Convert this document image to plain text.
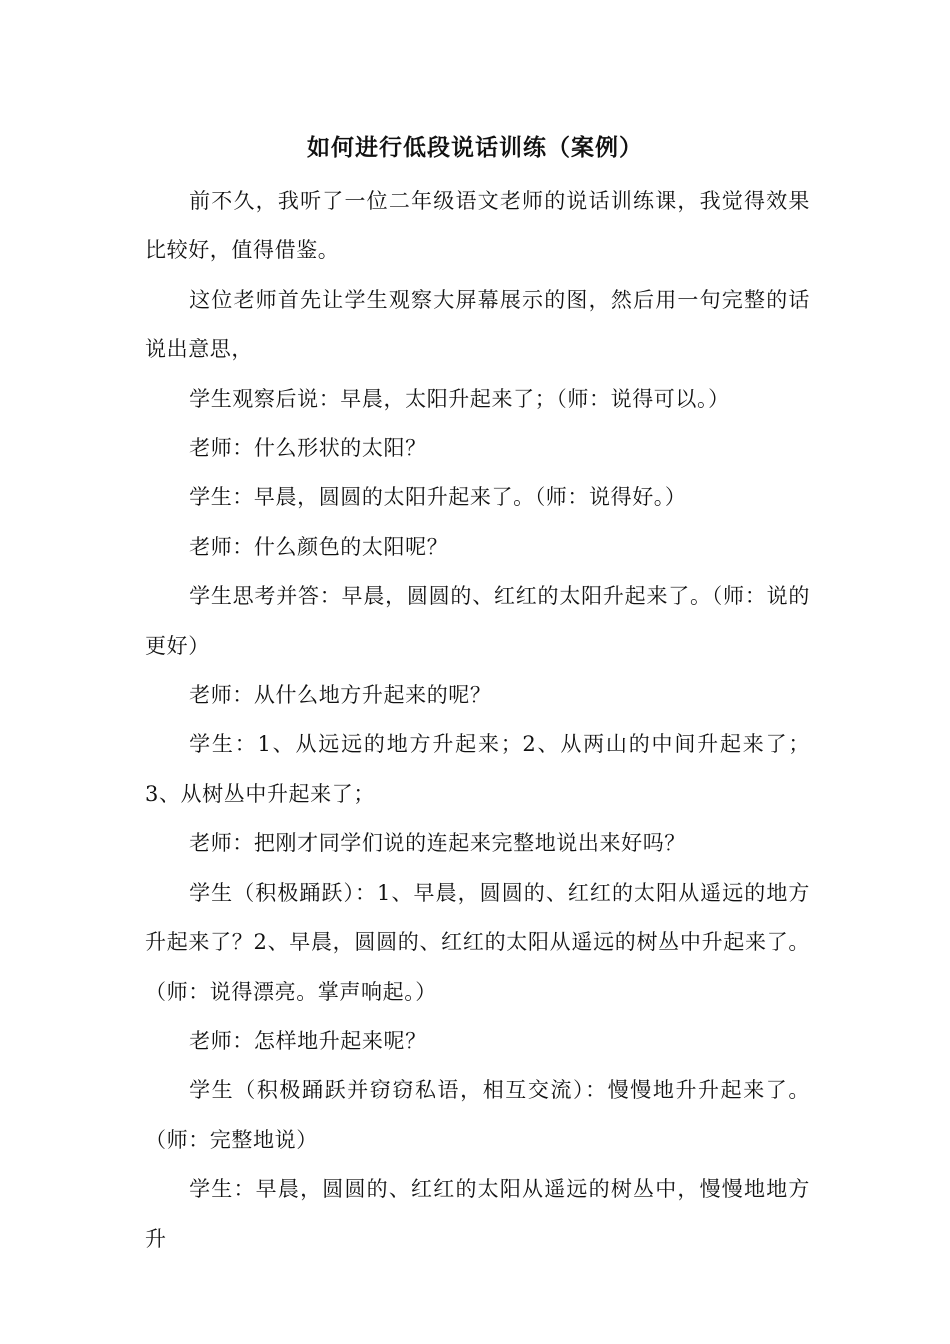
如何进行低段说话训练（案例）

前不久，我听了一位二年级语文老师的说话训练课，我觉得效果比较好，值得借鉴。

这位老师首先让学生观察大屏幕展示的图，然后用一句完整的话说出意思，

学生观察后说：早晨，太阳升起来了；（师：说得可以。）

老师：什么形状的太阳？

学生：早晨，圆圆的太阳升起来了。（师：说得好。）

老师：什么颜色的太阳呢？

学生思考并答：早晨，圆圆的、红红的太阳升起来了。（师：说的更好）

老师：从什么地方升起来的呢？

学生：1、从远远的地方升起来；2、从两山的中间升起来了；3、从树丛中升起来了；

老师：把刚才同学们说的连起来完整地说出来好吗？

学生（积极踊跃）：1、早晨，圆圆的、红红的太阳从遥远的地方升起来了？2、早晨，圆圆的、红红的太阳从遥远的树丛中升起来了。（师：说得漂亮。掌声响起。）

老师：怎样地升起来呢？

学生（积极踊跃并窃窃私语，相互交流）：慢慢地升升起来了。（师：完整地说）

学生：早晨，圆圆的、红红的太阳从遥远的树丛中，慢慢地地方升
